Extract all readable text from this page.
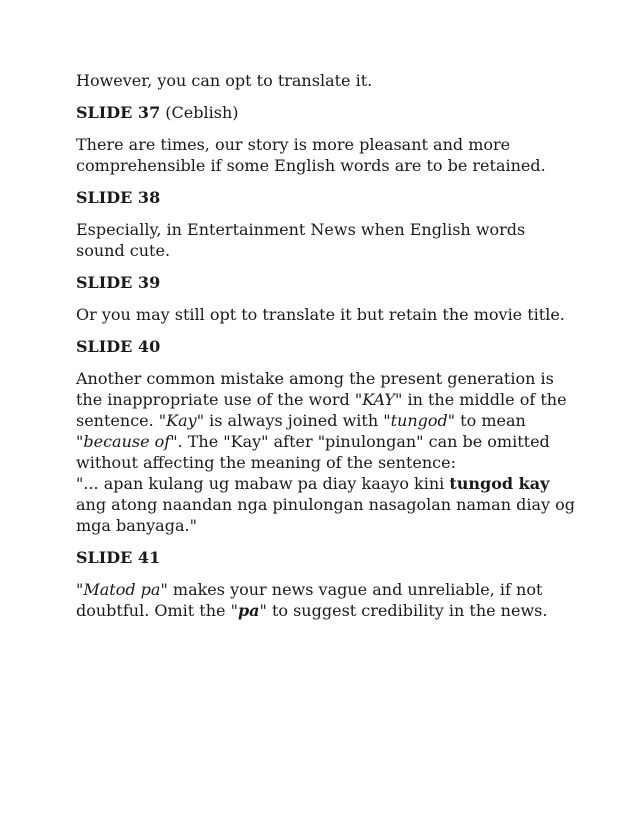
However, you can opt to translate it.

SLIDE 37 (Ceblish)

There are times, our story is more pleasant and more comprehensible if some English words are to be retained.

SLIDE 38

Especially, in Entertainment News when English words sound cute.

SLIDE 39

Or you may still opt to translate it but retain the movie title.

SLIDE 40

Another common mistake among the present generation is the inappropriate use of the word "KAY" in the middle of the sentence. "Kay" is always joined with "tungod" to mean "because of". The "Kay" after "pinulongan" can be omitted without affecting the meaning of the sentence:
"... apan kulang ug mabaw pa diay kaayo kini tungod kay ang atong naandan nga pinulongan nasagolan naman diay og mga banyaga."

SLIDE 41

"Matod pa" makes your news vague and unreliable, if not doubtful. Omit the "pa" to suggest credibility in the news.
